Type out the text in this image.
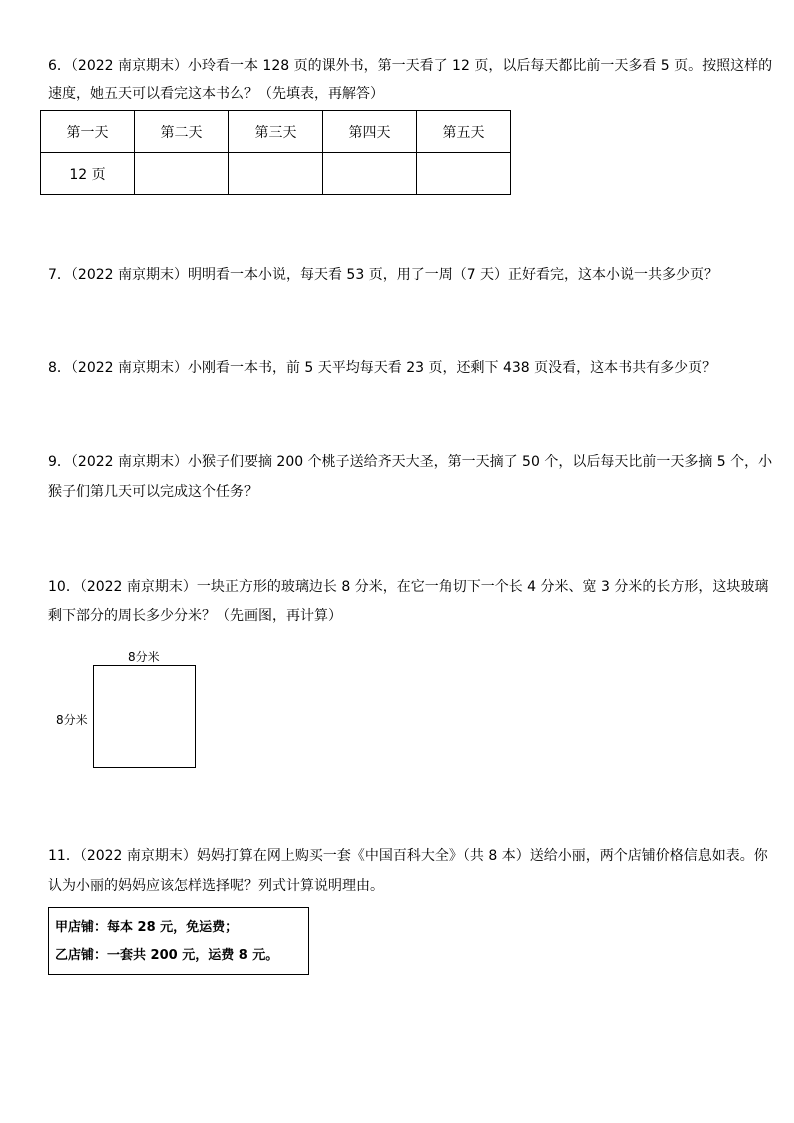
6．（2022 南京期末）小玲看一本 128 页的课外书，第一天看了 12 页，以后每天都比前一天多看 5 页。按照这样的
速度，她五天可以看完这本书么？（先填表，再解答）
第一天	第二天	第三天	第四天	第五天
12 页				
7．（2022 南京期末）明明看一本小说，每天看 53 页，用了一周（7 天）正好看完，这本小说一共多少页？
8．（2022 南京期末）小刚看一本书，前 5 天平均每天看 23 页，还剩下 438 页没看，这本书共有多少页？
9．（2022 南京期末）小猴子们要摘 200 个桃子送给齐天大圣，第一天摘了 50 个，以后每天比前一天多摘 5 个，小
猴子们第几天可以完成这个任务？
10．（2022 南京期末）一块正方形的玻璃边长 8 分米，在它一角切下一个长 4 分米、宽 3 分米的长方形，这块玻璃
剩下部分的周长多少分米？（先画图，再计算）
8分米
8分米
11．（2022 南京期末）妈妈打算在网上购买一套《中国百科大全》（共 8 本）送给小丽，两个店铺价格信息如表。你
认为小丽的妈妈应该怎样选择呢？列式计算说明理由。
甲店铺：每本 28 元，免运费；
乙店铺：一套共 200 元，运费 8 元。
